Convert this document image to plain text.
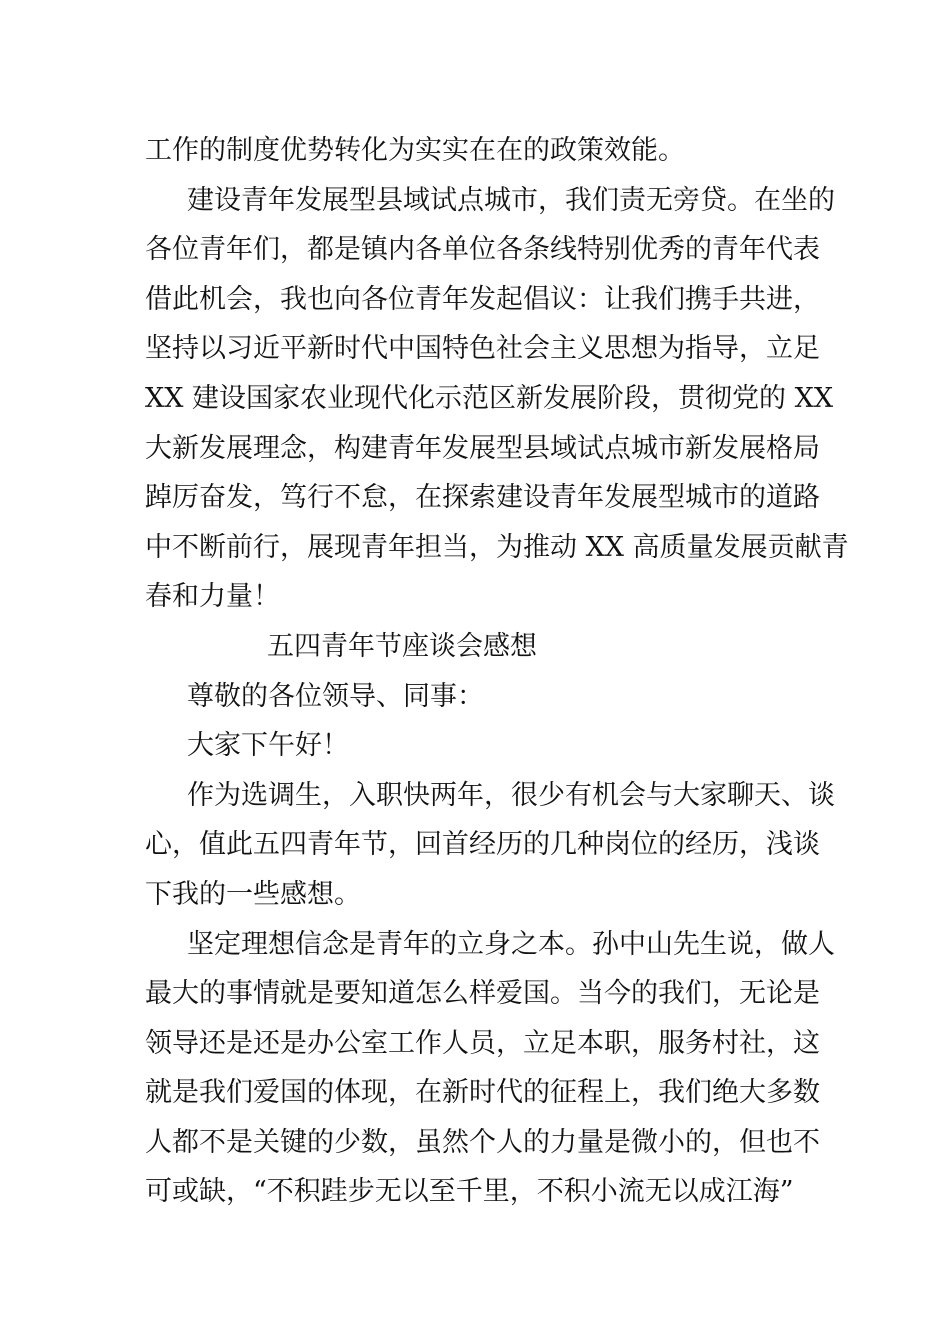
工作的制度优势转化为实实在在的政策效能。
建设青年发展型县域试点城市，我们责无旁贷。在坐的
各位青年们，都是镇内各单位各条线特别优秀的青年代表
借此机会，我也向各位青年发起倡议：让我们携手共进，
坚持以习近平新时代中国特色社会主义思想为指导，立足
XX 建设国家农业现代化示范区新发展阶段，贯彻党的 XX
大新发展理念，构建青年发展型县域试点城市新发展格局
踔厉奋发，笃行不怠，在探索建设青年发展型城市的道路
中不断前行，展现青年担当，为推动 XX 高质量发展贡献青
春和力量！
五四青年节座谈会感想
尊敬的各位领导、同事：
大家下午好！
作为选调生，入职快两年，很少有机会与大家聊天、谈
心，值此五四青年节，回首经历的几种岗位的经历，浅谈
下我的一些感想。
坚定理想信念是青年的立身之本。孙中山先生说，做人
最大的事情就是要知道怎么样爱国。当今的我们，无论是
领导还是还是办公室工作人员，立足本职，服务村社，这
就是我们爱国的体现，在新时代的征程上，我们绝大多数
人都不是关键的少数，虽然个人的力量是微小的，但也不
可或缺，“不积跬步无以至千里，不积小流无以成江海”
